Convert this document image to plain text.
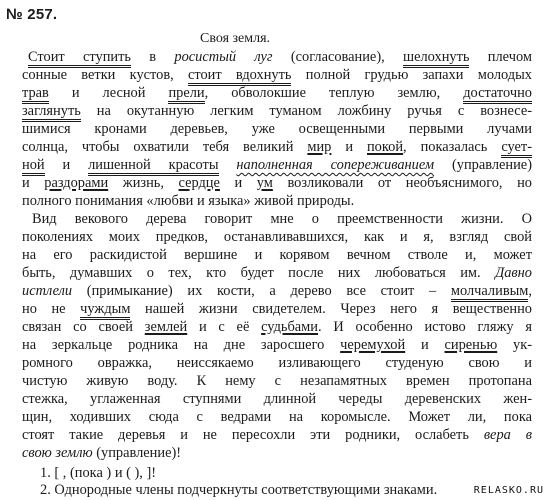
№ 257.
Своя земля.
Стоит ступить в росистый луг (согласование), шелохнуть плечом
сонные ветки кустов, стоит вдохнуть полной грудью запахи молодых
трав и лесной прели, обволокшие теплую землю, достаточно
заглянуть на окутанную легким туманом ложбину ручья с вознесе-
шимися кронами деревьев, уже освещенными первыми лучами
солнца, чтобы охватили тебя великий мир и покой, показалась сует-
ной и лишенной красоты наполненная сопереживанием (управление)
и раздорами жизнь, сердце и ум возликовали от необъяснимого, но
полного понимания «любви и языка» живой природы.
Вид векового дерева говорит мне о преемственности жизни. О
поколениях моих предков, останавливавшихся, как и я, взгляд свой
на его раскидистой вершине и корявом вечном стволе и, может
быть, думавших о тех, кто будет после них любоваться им. Давно
истлели (примыкание) их кости, а дерево все стоит – молчаливым,
но не чуждым нашей жизни свидетелем. Через него я вещественно
связан со своей землей и с её судьбами. И особенно истово гляжу я
на зеркальце родника на дне заросшего черемухой и сиренью ук-
ромного овражка, неиссякаемо изливающего студеную свою и
чистую живую воду. К нему с незапамятных времен протопана
стежка, углаженная ступнями длинной череды деревенских жен-
щин, ходивших сюда с ведрами на коромысле. Может ли, пока
стоят такие деревья и не пересохли эти родники, ослабеть вера в
свою землю (управление)!
1. [ , (пока ) и ( ), ]!
2. Однородные члены подчеркнуты соответствующими знаками.	RELASKO.RU
